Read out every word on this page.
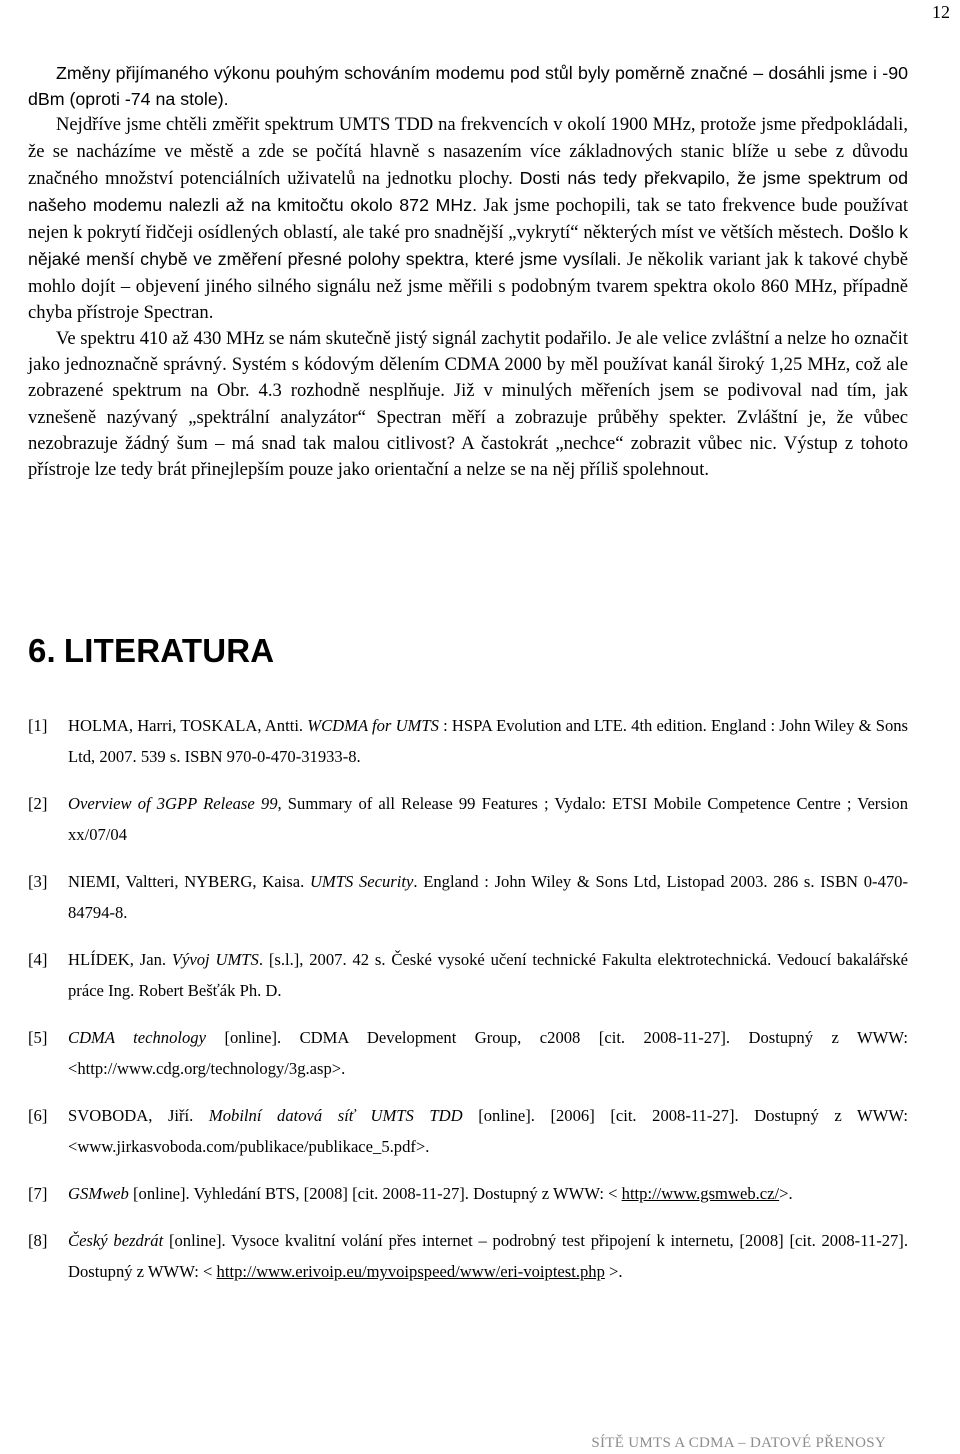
12

Změny přijímaného výkonu pouhým schováním modemu pod stůl byly poměrně značné – dosáhli jsme i -90 dBm (oproti -74 na stole).

Nejdříve jsme chtěli změřit spektrum UMTS TDD na frekvencích v okolí 1900 MHz, protože jsme předpokládali, že se nacházíme ve městě a zde se počítá hlavně s nasazením více základnových stanic blíže u sebe z důvodu značného množství potenciálních uživatelů na jednotku plochy. Dosti nás tedy překvapilo, že jsme spektrum od našeho modemu nalezli až na kmitočtu okolo 872 MHz. Jak jsme pochopili, tak se tato frekvence bude používat nejen k pokrytí řidčeji osídlených oblastí, ale také pro snadnější „vykrytí“ některých míst ve větších městech. Došlo k nějaké menší chybě ve změření přesné polohy spektra, které jsme vysílali. Je několik variant jak k takové chybě mohlo dojít – objevení jiného silného signálu než jsme měřili s podobným tvarem spektra okolo 860 MHz, případně chyba přístroje Spectran.

Ve spektru 410 až 430 MHz se nám skutečně jistý signál zachytit podařilo. Je ale velice zvláštní a nelze ho označit jako jednoznačně správný. Systém s kódovým dělením CDMA 2000 by měl používat kanál široký 1,25 MHz, což ale zobrazené spektrum na Obr. 4.3 rozhodně nesplňuje. Již v minulých měřeních jsem se podivoval nad tím, jak vznešeně nazývaný „spektrální analyzátor“ Spectran měří a zobrazuje průběhy spekter. Zvláštní je, že vůbec nezobrazuje žádný šum – má snad tak malou citlivost? A častokrát „nechce“ zobrazit vůbec nic. Výstup z tohoto přístroje lze tedy brát přinejlepším pouze jako orientační a nelze se na něj příliš spolehnout.

6. LITERATURA
[1]	HOLMA, Harri, TOSKALA, Antti. WCDMA for UMTS : HSPA Evolution and LTE. 4th edition. England : John Wiley & Sons Ltd, 2007. 539 s. ISBN 970-0-470-31933-8.
[2]	Overview of 3GPP Release 99, Summary of all Release 99 Features ; Vydalo: ETSI Mobile Competence Centre ; Version xx/07/04
[3]	NIEMI, Valtteri, NYBERG, Kaisa. UMTS Security. England : John Wiley & Sons Ltd, Listopad 2003. 286 s. ISBN 0-470-84794-8.
[4]	HLÍDEK, Jan. Vývoj UMTS. [s.l.], 2007. 42 s. České vysoké učení technické Fakulta elektrotechnická. Vedoucí bakalářské práce Ing. Robert Bešťák Ph. D.
[5]	CDMA technology [online]. CDMA Development Group, c2008 [cit. 2008-11-27]. Dostupný z WWW: <http://www.cdg.org/technology/3g.asp>.
[6]	SVOBODA, Jiří. Mobilní datová síť UMTS TDD [online]. [2006] [cit. 2008-11-27]. Dostupný z WWW: <www.jirkasvoboda.com/publikace/publikace_5.pdf>.
[7]	GSMweb [online]. Vyhledání BTS, [2008] [cit. 2008-11-27]. Dostupný z WWW: < http://www.gsmweb.cz/>.
[8]	Český bezdrát [online]. Vysoce kvalitní volání přes internet – podrobný test připojení k internetu, [2008] [cit. 2008-11-27]. Dostupný z WWW: < http://www.erivoip.eu/myvoipspeed/www/eri-voiptest.php >.
SÍTĚ UMTS A CDMA – DATOVÉ PŘENOSY
